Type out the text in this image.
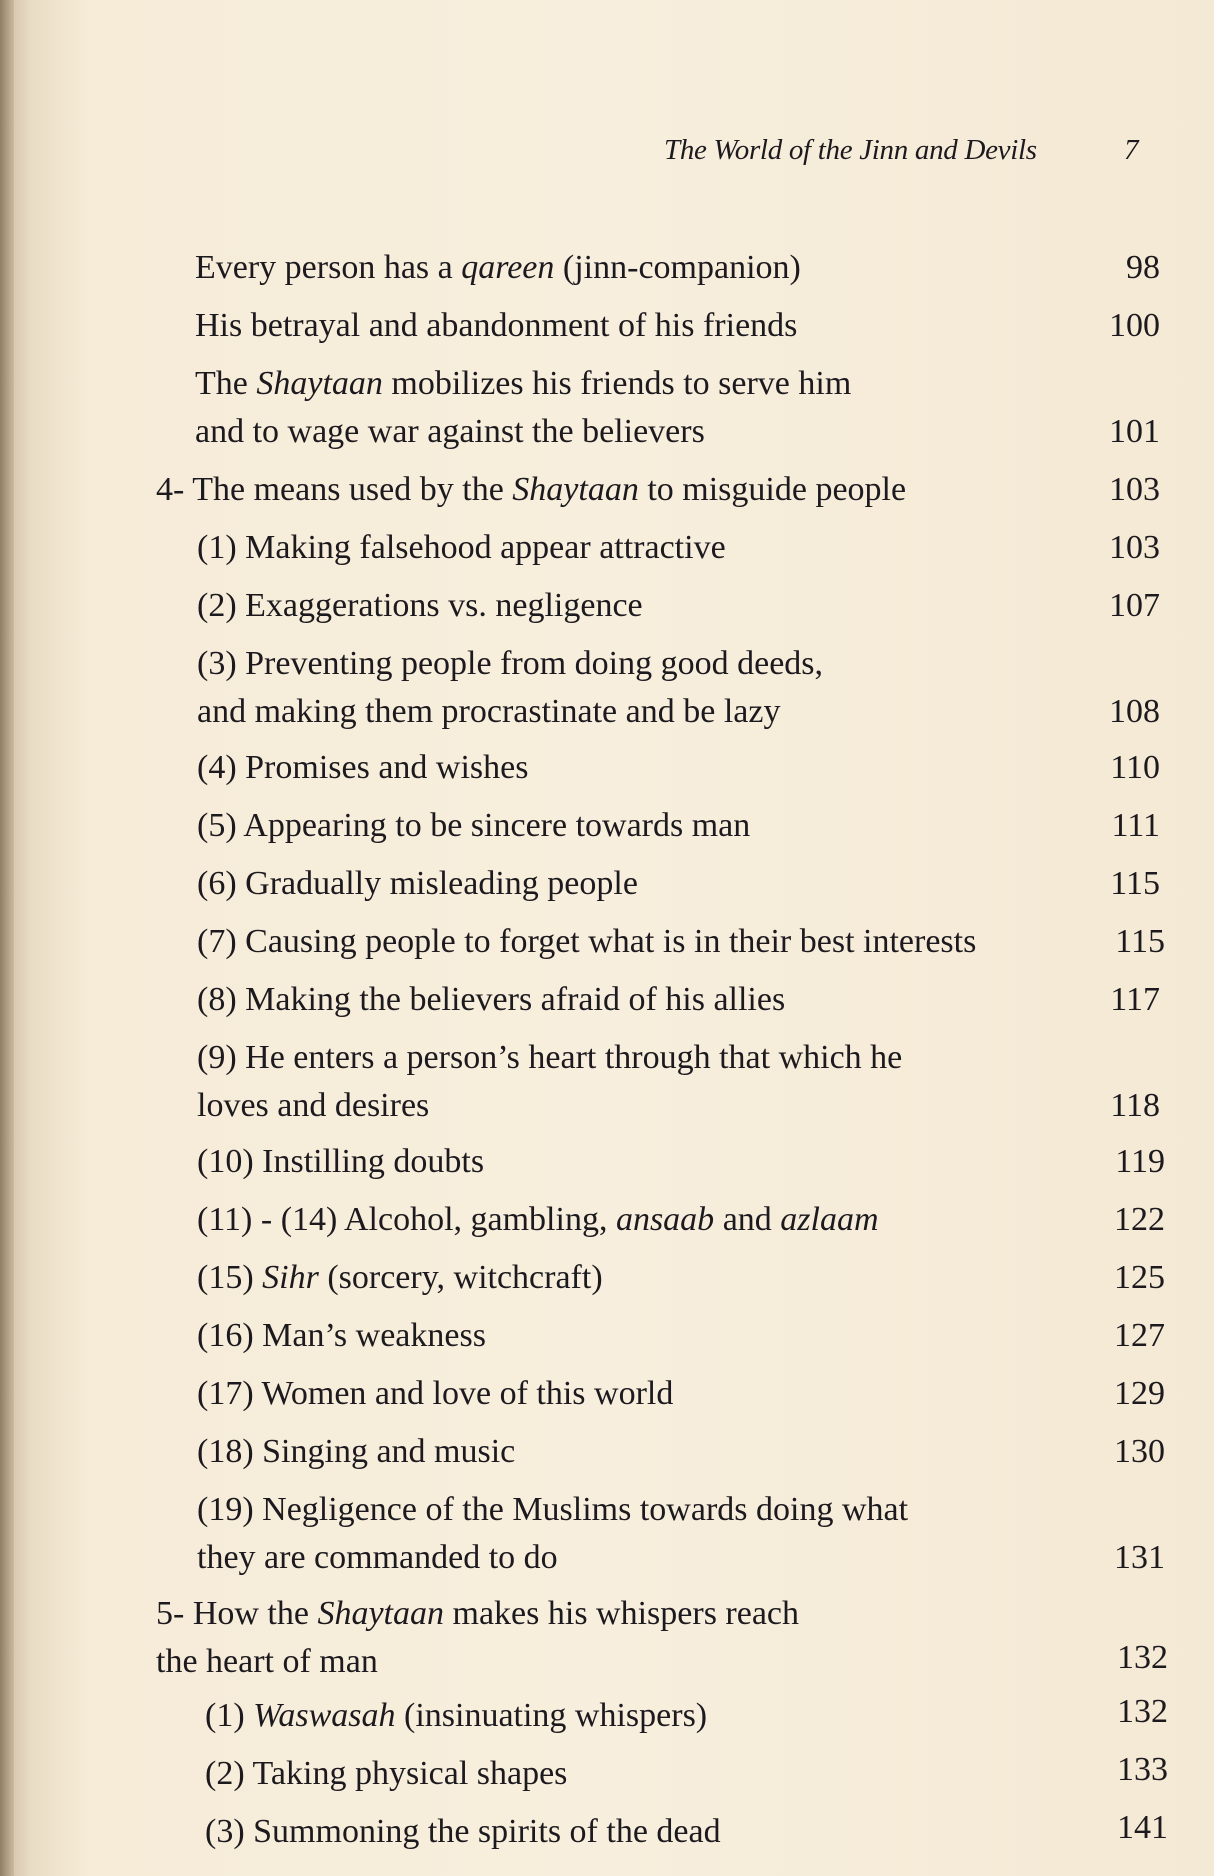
The World of the Jinn and Devils	7
Every person has a qareen (jinn-companion)	98
His betrayal and abandonment of his friends	100
The Shaytaan mobilizes his friends to serve him
and to wage war against the believers	101
4- The means used by the Shaytaan to misguide people	103
(1) Making falsehood appear attractive	103
(2) Exaggerations vs. negligence	107
(3) Preventing people from doing good deeds,
and making them procrastinate and be lazy	108
(4) Promises and wishes	110
(5) Appearing to be sincere towards man	111
(6) Gradually misleading people	115
(7) Causing people to forget what is in their best interests	115
(8) Making the believers afraid of his allies	117
(9) He enters a person’s heart through that which he
loves and desires	118
(10) Instilling doubts	119
(11) - (14) Alcohol, gambling, ansaab and azlaam	122
(15) Sihr (sorcery, witchcraft)	125
(16) Man’s weakness	127
(17) Women and love of this world	129
(18) Singing and music	130
(19) Negligence of the Muslims towards doing what
they are commanded to do	131
5- How the Shaytaan makes his whispers reach
the heart of man	132
(1) Waswasah (insinuating whispers)	132
(2) Taking physical shapes	133
(3) Summoning the spirits of the dead	141
